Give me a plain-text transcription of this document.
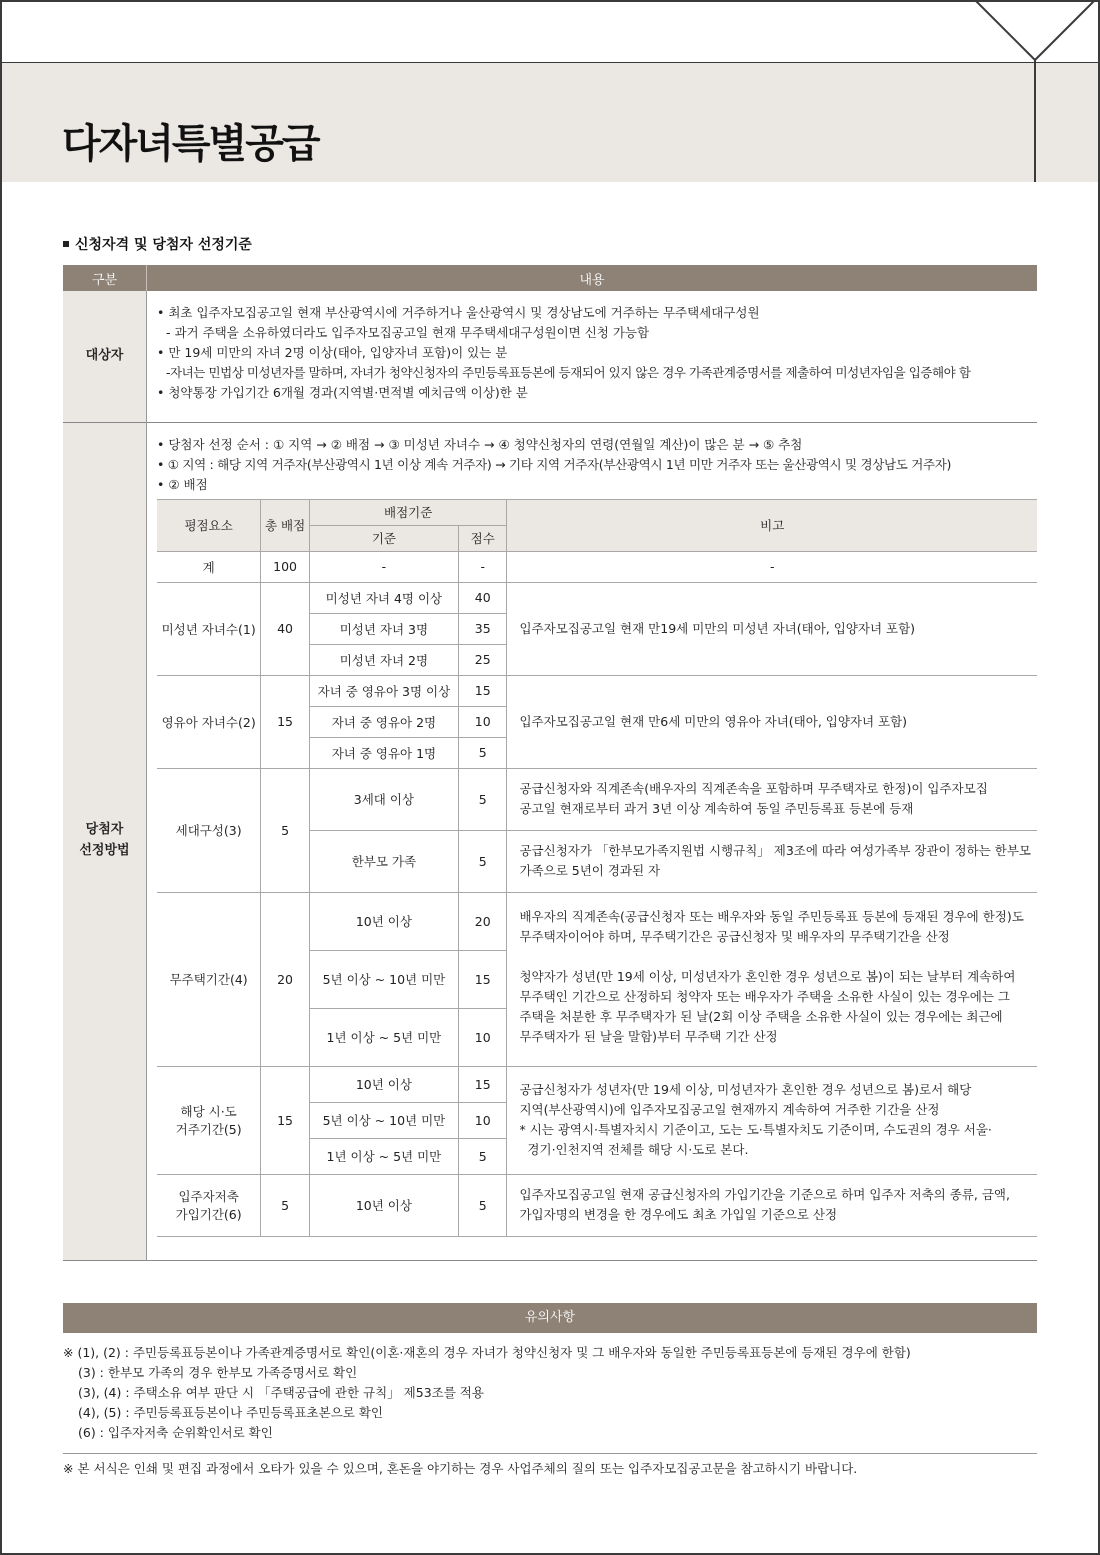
다자녀특별공급
신청자격 및 당첨자 선정기준
구분	내용
대상자	
• 최초 입주자모집공고일 현재 부산광역시에 거주하거나 울산광역시 및 경상남도에 거주하는 무주택세대구성원
- 과거 주택을 소유하였더라도 입주자모집공고일 현재 무주택세대구성원이면 신청 가능함
• 만 19세 미만의 자녀 2명 이상(태아, 입양자녀 포함)이 있는 분
-자녀는 민법상 미성년자를 말하며, 자녀가 청약신청자의 주민등록표등본에 등재되어 있지 않은 경우 가족관계증명서를 제출하여 미성년자임을 입증해야 함
• 청약통장 가입기간 6개월 경과(지역별·면적별 예치금액 이상)한 분

당첨자
선정방법

• 당첨자 선정 순서 : ① 지역 → ② 배점 → ③ 미성년 자녀수 → ④ 청약신청자의 연령(연월일 계산)이 많은 분 → ⑤ 추첨
• ① 지역 : 해당 지역 거주자(부산광역시 1년 이상 계속 거주자) → 기타 지역 거주자(부산광역시 1년 미만 거주자 또는 울산광역시 및 경상남도 거주자)
• ② 배점
평점요소	총 배점	배점기준	비고
기준	점수
계	100	-	-	-
미성년 자녀수(1)	40	미성년 자녀 4명 이상	40	입주자모집공고일 현재 만19세 미만의 미성년 자녀(태아, 입양자녀 포함)
미성년 자녀 3명	35
미성년 자녀 2명	25
영유아 자녀수(2)	15	자녀 중 영유아 3명 이상	15	입주자모집공고일 현재 만6세 미만의 영유아 자녀(태아, 입양자녀 포함)
자녀 중 영유아 2명	10
자녀 중 영유아 1명	5
세대구성(3)	5	3세대 이상	5	
공급신청자와 직계존속(배우자의 직계존속을 포함하며 무주택자로 한정)이 입주자모집
공고일 현재로부터 과거 3년 이상 계속하여 동일 주민등록표 등본에 등재

한부모 가족	5	
공급신청자가 「한부모가족지원법 시행규칙」 제3조에 따라 여성가족부 장관이 정하는 한부모
가족으로 5년이 경과된 자

무주택기간(4)	20	10년 이상	20	배우자의 직계존속(공급신청자 또는 배우자와 동일 주민등록표 등본에 등재된 경우에 한정)도
무주택자이어야 하며, 무주택기간은 공급신청자 및 배우자의 무주택기간을 산정
청약자가 성년(만 19세 이상, 미성년자가 혼인한 경우 성년으로 봄)이 되는 날부터 계속하여
무주택인 기간으로 산정하되 청약자 또는 배우자가 주택을 소유한 사실이 있는 경우에는 그
주택을 처분한 후 무주택자가 된 날(2회 이상 주택을 소유한 사실이 있는 경우에는 최근에
무주택자가 된 날을 말함)부터 무주택 기간 산정

5년 이상 ~ 10년 미만	15
1년 이상 ~ 5년 미만	10

해당 시·도
거주기간(5)
	15	10년 이상	15	공급신청자가 성년자(만 19세 이상, 미성년자가 혼인한 경우 성년으로 봄)로서 해당
지역(부산광역시)에 입주자모집공고일 현재까지 계속하여 거주한 기간을 산정
* 시는 광역시·특별자치시 기준이고, 도는 도·특별자치도 기준이며, 수도권의 경우 서울·
경기·인천지역 전체를 해당 시·도로 본다.

5년 이상 ~ 10년 미만	10
1년 이상 ~ 5년 미만	5

입주자저축
가입기간(6)
	5	10년 이상	5	
입주자모집공고일 현재 공급신청자의 가입기간을 기준으로 하며 입주자 저축의 종류, 금액,
가입자명의 변경을 한 경우에도 최초 가입일 기준으로 산정
유의사항
※ (1), (2) : 주민등록표등본이나 가족관계증명서로 확인(이혼·재혼의 경우 자녀가 청약신청자 및 그 배우자와 동일한 주민등록표등본에 등재된 경우에 한함)
(3) : 한부모 가족의 경우 한부모 가족증명서로 확인
(3), (4) : 주택소유 여부 판단 시 「주택공급에 관한 규칙」 제53조를 적용
(4), (5) : 주민등록표등본이나 주민등록표초본으로 확인
(6) : 입주자저축 순위확인서로 확인
※ 본 서식은 인쇄 및 편집 과정에서 오타가 있을 수 있으며, 혼돈을 야기하는 경우 사업주체의 질의 또는 입주자모집공고문을 참고하시기 바랍니다.
